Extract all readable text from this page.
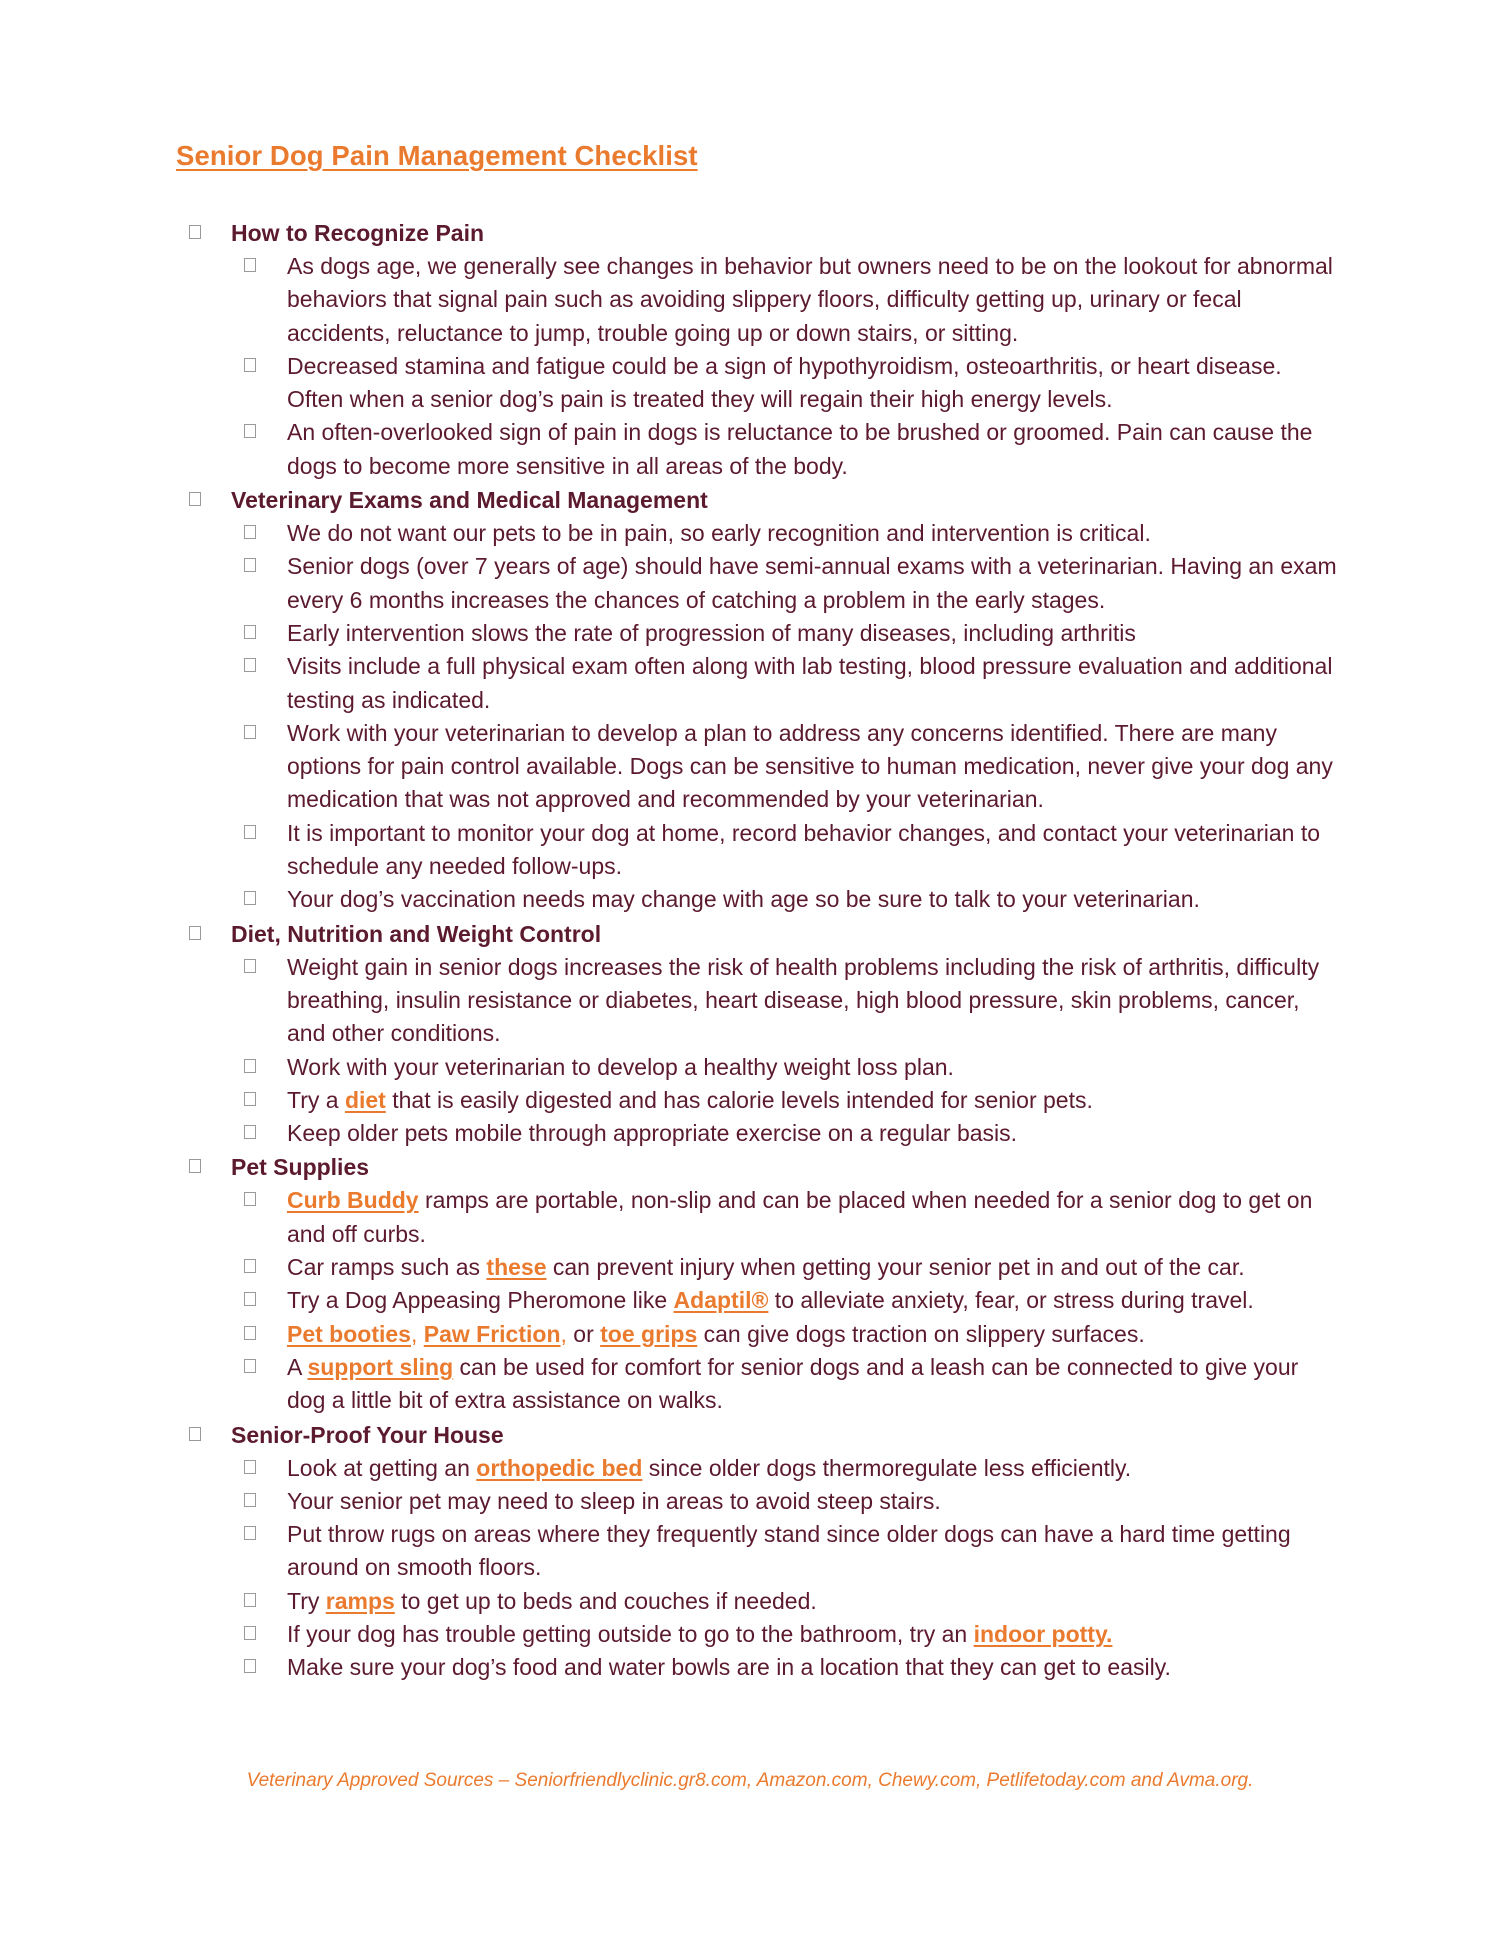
Senior Dog Pain Management Checklist
How to Recognize Pain
As dogs age, we generally see changes in behavior but owners need to be on the lookout for abnormal behaviors that signal pain such as avoiding slippery floors, difficulty getting up, urinary or fecal accidents, reluctance to jump, trouble going up or down stairs, or sitting.
Decreased stamina and fatigue could be a sign of hypothyroidism, osteoarthritis, or heart disease. Often when a senior dog’s pain is treated they will regain their high energy levels.
An often-overlooked sign of pain in dogs is reluctance to be brushed or groomed. Pain can cause the dogs to become more sensitive in all areas of the body.
Veterinary Exams and Medical Management
We do not want our pets to be in pain, so early recognition and intervention is critical.
Senior dogs (over 7 years of age) should have semi-annual exams with a veterinarian. Having an exam every 6 months increases the chances of catching a problem in the early stages.
Early intervention slows the rate of progression of many diseases, including arthritis
Visits include a full physical exam often along with lab testing, blood pressure evaluation and additional testing as indicated.
Work with your veterinarian to develop a plan to address any concerns identified. There are many options for pain control available. Dogs can be sensitive to human medication, never give your dog any medication that was not approved and recommended by your veterinarian.
It is important to monitor your dog at home, record behavior changes, and contact your veterinarian to schedule any needed follow-ups.
Your dog’s vaccination needs may change with age so be sure to talk to your veterinarian.
Diet, Nutrition and Weight Control
Weight gain in senior dogs increases the risk of health problems including the risk of arthritis, difficulty breathing, insulin resistance or diabetes, heart disease, high blood pressure, skin problems, cancer, and other conditions.
Work with your veterinarian to develop a healthy weight loss plan.
Try a diet that is easily digested and has calorie levels intended for senior pets.
Keep older pets mobile through appropriate exercise on a regular basis.
Pet Supplies
Curb Buddy ramps are portable, non-slip and can be placed when needed for a senior dog to get on and off curbs.
Car ramps such as these can prevent injury when getting your senior pet in and out of the car.
Try a Dog Appeasing Pheromone like Adaptil® to alleviate anxiety, fear, or stress during travel.
Pet booties, Paw Friction, or toe grips can give dogs traction on slippery surfaces.
A support sling can be used for comfort for senior dogs and a leash can be connected to give your dog a little bit of extra assistance on walks.
Senior-Proof Your House
Look at getting an orthopedic bed since older dogs thermoregulate less efficiently.
Your senior pet may need to sleep in areas to avoid steep stairs.
Put throw rugs on areas where they frequently stand since older dogs can have a hard time getting around on smooth floors.
Try ramps to get up to beds and couches if needed.
If your dog has trouble getting outside to go to the bathroom, try an indoor potty.
Make sure your dog’s food and water bowls are in a location that they can get to easily.
Veterinary Approved Sources – Seniorfriendlyclinic.gr8.com, Amazon.com, Chewy.com, Petlifetoday.com and Avma.org.
